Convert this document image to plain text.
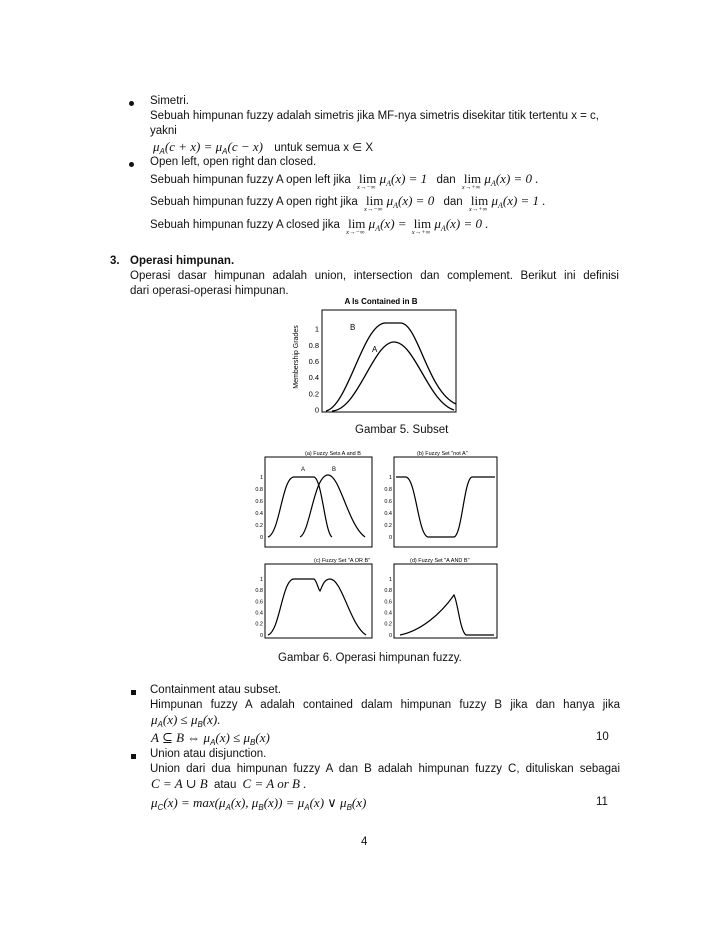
Simetri.
Sebuah himpunan fuzzy adalah simetris jika MF-nya simetris disekitar titik tertentu x = c,
yakni
$\mu_A(c + x) = \mu_A(c - x)$ untuk semua x ∈ X
Open left, open right dan closed.
Sebuah himpunan fuzzy A open left jika lim
x→−∞
$\mu_A(x) = 1$ dan lim
x→+∞
$\mu_A(x) = 0$ .
Sebuah himpunan fuzzy A open right jika lim
x→−∞
$\mu_A(x) = 0$ dan lim
x→+∞
$\mu_A(x) = 1$ .
Sebuah himpunan fuzzy A closed jika lim
x→−∞
$\mu_A(x) = \lim$
x→+∞
$\mu_A(x) = 0$ .
3. Operasi himpunan.
Operasi dasar himpunan adalah union, intersection dan complement. Berikut ini definisi
dari operasi-operasi himpunan.
A Is Contained in B
Membership Grades
0
0.2
0.4
0.6
0.8
1	B
A
Gambar 5. Subset
(a) Fuzzy Sets A and B	(b) Fuzzy Set "not A"
(c) Fuzzy Set "A OR B"	(d) Fuzzy Set "A AND B"
0
0.2
0.4
0.6
0.8
1
0
0.2
0.4
0.6
0.8
1
0
0.2
0.4
0.6
0.8
1
0
0.2
0.4
0.6
0.8
1
A	B
Gambar 6. Operasi himpunan fuzzy.
Containment atau subset.
Himpunan fuzzy A adalah contained dalam himpunan fuzzy B jika dan hanya jika
$\mu_A(x) \le \mu_B(x)$.
A ⊆ B ⇔ $\mu_A(x) \le \mu_B(x)$	10
Union atau disjunction.
Union dari dua himpunan fuzzy A dan B adalah himpunan fuzzy C, dituliskan sebagai
C = A ∪ B atau C = A or B .
$\mu_C(x) = \max(\mu_A(x)$, $\mu_B(x)) = \mu_A(x)$ ∨ $\mu_B(x)$	11
4
